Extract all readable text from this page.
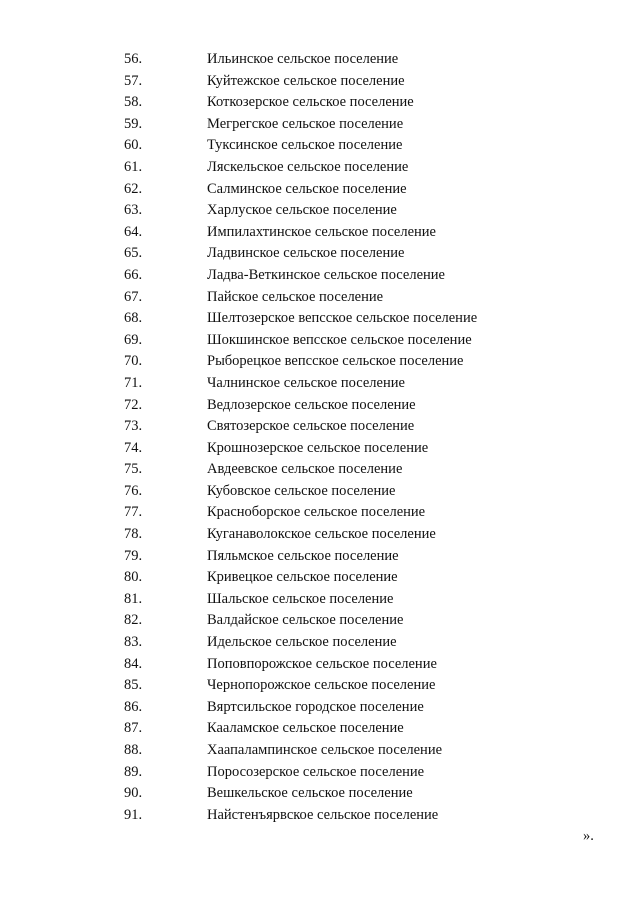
56.	Ильинское сельское поселение
57.	Куйтежское сельское поселение
58.	Коткозерское сельское поселение
59.	Мегрегское сельское поселение
60.	Туксинское сельское поселение
61.	Ляскельское сельское поселение
62.	Салминское сельское поселение
63.	Харлуское сельское поселение
64.	Импилахтинское сельское поселение
65.	Ладвинское сельское поселение
66.	Ладва-Веткинское сельское поселение
67.	Пайское сельское поселение
68.	Шелтозерское вепсское сельское поселение
69.	Шокшинское вепсское сельское поселение
70.	Рыборецкое вепсское сельское поселение
71.	Чалнинское сельское поселение
72.	Ведлозерское сельское поселение
73.	Святозерское сельское поселение
74.	Крошнозерское сельское поселение
75.	Авдеевское сельское поселение
76.	Кубовское сельское поселение
77.	Красноборское сельское поселение
78.	Куганаволокское сельское поселение
79.	Пяльмское сельское поселение
80.	Кривецкое сельское поселение
81.	Шальское сельское поселение
82.	Валдайское сельское поселение
83.	Идельское сельское поселение
84.	Поповпорожское сельское поселение
85.	Чернопорожское сельское поселение
86.	Вяртсильское городское поселение
87.	Кааламское сельское поселение
88.	Хаапалампинское сельское поселение
89.	Поросозерское сельское поселение
90.	Вешкельское сельское поселение
91.	Найстенъярвское сельское поселение
».
